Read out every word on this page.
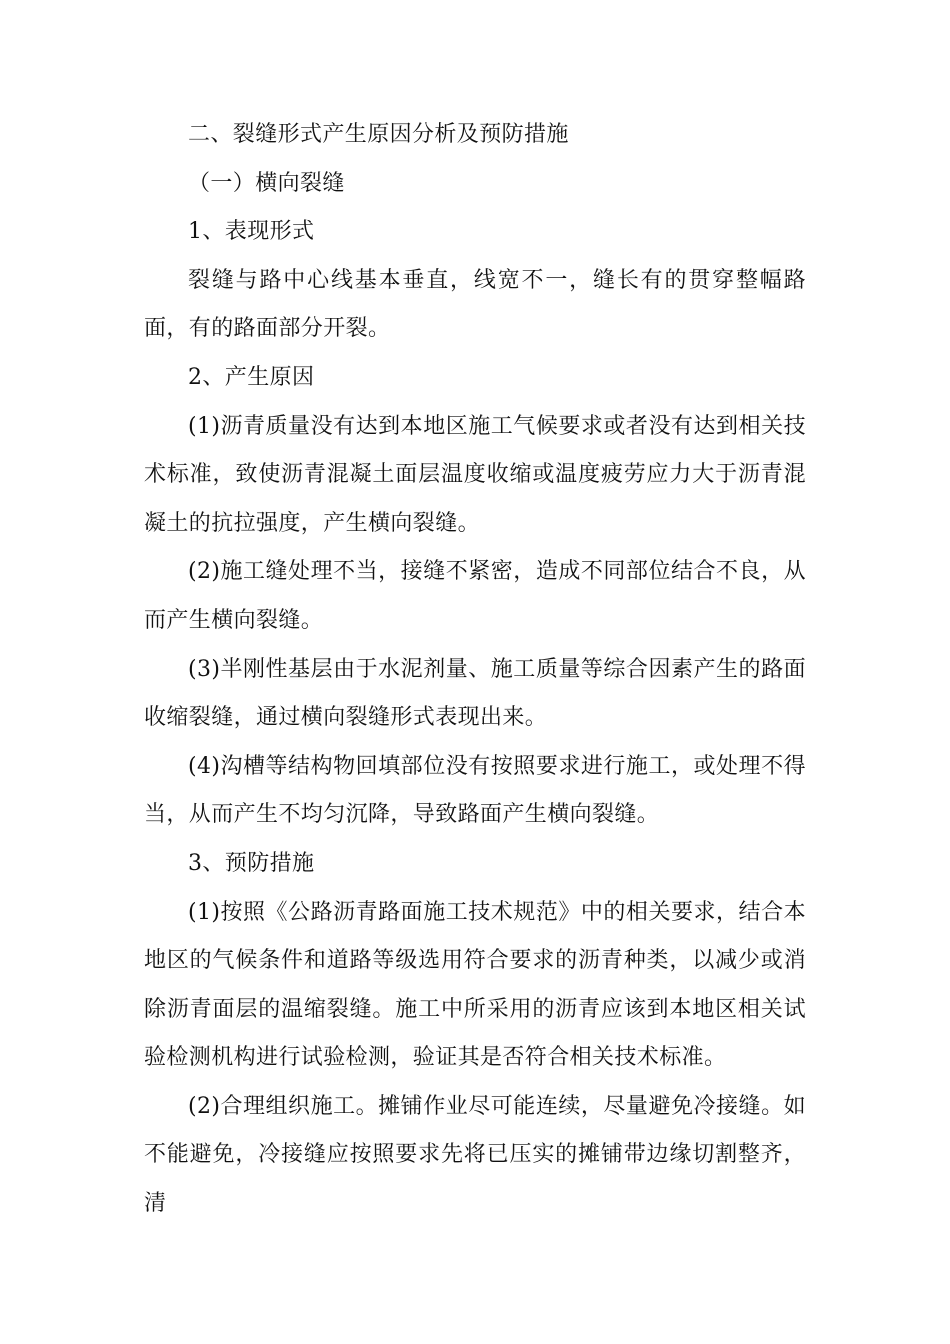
二、裂缝形式产生原因分析及预防措施

（一）横向裂缝

1、表现形式

裂缝与路中心线基本垂直，线宽不一，缝长有的贯穿整幅路面，有的路面部分开裂。

2、产生原因

(1)沥青质量没有达到本地区施工气候要求或者没有达到相关技术标准，致使沥青混凝土面层温度收缩或温度疲劳应力大于沥青混凝土的抗拉强度，产生横向裂缝。

(2)施工缝处理不当，接缝不紧密，造成不同部位结合不良，从而产生横向裂缝。

(3)半刚性基层由于水泥剂量、施工质量等综合因素产生的路面收缩裂缝，通过横向裂缝形式表现出来。

(4)沟槽等结构物回填部位没有按照要求进行施工，或处理不得当，从而产生不均匀沉降，导致路面产生横向裂缝。

3、预防措施

(1)按照《公路沥青路面施工技术规范》中的相关要求，结合本地区的气候条件和道路等级选用符合要求的沥青种类，以减少或消除沥青面层的温缩裂缝。施工中所采用的沥青应该到本地区相关试验检测机构进行试验检测，验证其是否符合相关技术标准。

(2)合理组织施工。摊铺作业尽可能连续，尽量避免冷接缝。如不能避免，冷接缝应按照要求先将已压实的摊铺带边缘切割整齐，清
